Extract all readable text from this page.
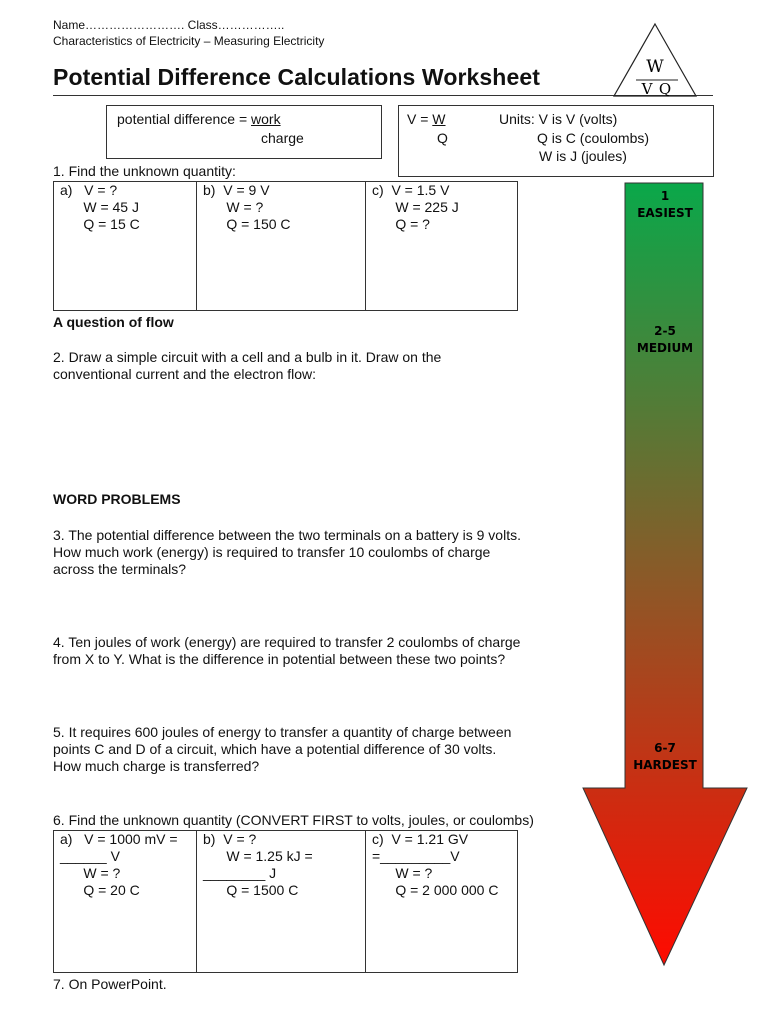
Name……………………. Class……………..
Characteristics of Electricity – Measuring Electricity
Potential Difference Calculations Worksheet	W
V Q
potential difference = work
charge
V = W
Q
Units: V is V (volts)
Q is C (coulombs)
W is J (joules)
1. Find the unknown quantity:
a)   V = ?
W = 45 J
Q = 15 C
b)  V = 9 V
W = ?
Q = 150 C
c)  V = 1.5 V
W = 225 J
Q = ?
A question of flow
2. Draw a simple circuit with a cell and a bulb in it. Draw on the
conventional current and the electron flow:
WORD PROBLEMS
3. The potential difference between the two terminals on a battery is 9 volts.
How much work (energy) is required to transfer 10 coulombs of charge
across the terminals?
4. Ten joules of work (energy) are required to transfer 2 coulombs of charge
from X to Y. What is the difference in potential between these two points?
5. It requires 600 joules of energy to transfer a quantity of charge between
points C and D of a circuit, which have a potential difference of 30 volts.
How much charge is transferred?
6. Find the unknown quantity (CONVERT FIRST to volts, joules, or coulombs)
a)   V = 1000 mV =
______ V
W = ?
Q = 20 C
b)  V = ?
W = 1.25 kJ =
________ J
Q = 1500 C
c)  V = 1.21 GV
=_________V
W = ?
Q = 2 000 000 C
7. On PowerPoint.
1
EASIEST
2-5
MEDIUM
6-7
HARDEST
